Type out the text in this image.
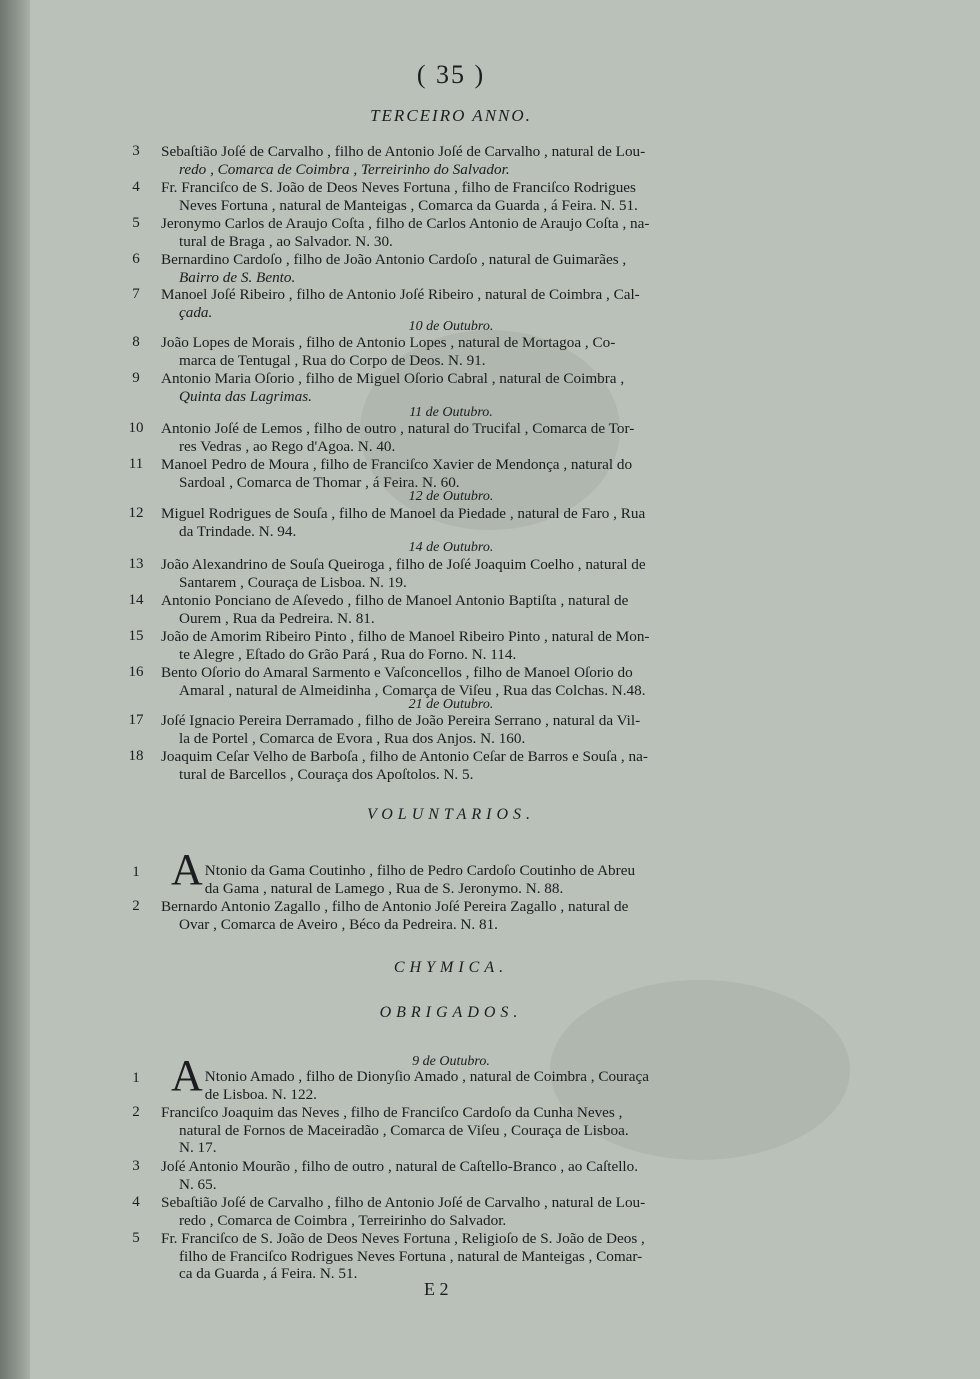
( 35 )
TERCEIRO ANNO.
3	Sebaſtião Joſé de Carvalho , filho de Antonio Joſé de Carvalho , natural de Lou-
redo , Comarca de Coimbra , Terreirinho do Salvador.
4	Fr. Franciſco de S. João de Deos Neves Fortuna , filho de Franciſco Rodrigues
Neves Fortuna , natural de Manteigas , Comarca da Guarda , á Feira. N. 51.
5	Jeronymo Carlos de Araujo Coſta , filho de Carlos Antonio de Araujo Coſta , na-
tural de Braga , ao Salvador. N. 30.
6	Bernardino Cardoſo , filho de João Antonio Cardoſo , natural de Guimarães ,
Bairro de S. Bento.
7	Manoel Joſé Ribeiro , filho de Antonio Joſé Ribeiro , natural de Coimbra , Cal-
çada.
10 de Outubro.
8	João Lopes de Morais , filho de Antonio Lopes , natural de Mortagoa , Co-
marca de Tentugal , Rua do Corpo de Deos. N. 91.
9	Antonio Maria Oſorio , filho de Miguel Oſorio Cabral , natural de Coimbra ,
Quinta das Lagrimas.
11 de Outubro.
10	Antonio Joſé de Lemos , filho de outro , natural do Trucifal , Comarca de Tor-
res Vedras , ao Rego d'Agoa. N. 40.
11	Manoel Pedro de Moura , filho de Franciſco Xavier de Mendonça , natural do
Sardoal , Comarca de Thomar , á Feira. N. 60.
12 de Outubro.
12	Miguel Rodrigues de Souſa , filho de Manoel da Piedade , natural de Faro , Rua
da Trindade. N. 94.
14 de Outubro.
13	João Alexandrino de Souſa Queiroga , filho de Joſé Joaquim Coelho , natural de
Santarem , Couraça de Lisboa. N. 19.
14	Antonio Ponciano de Aſevedo , filho de Manoel Antonio Baptiſta , natural de
Ourem , Rua da Pedreira. N. 81.
15	João de Amorim Ribeiro Pinto , filho de Manoel Ribeiro Pinto , natural de Mon-
te Alegre , Eſtado do Grão Pará , Rua do Forno. N. 114.
16	Bento Oſorio do Amaral Sarmento e Vaſconcellos , filho de Manoel Oſorio do
Amaral , natural de Almeidinha , Comarça de Viſeu , Rua das Colchas. N.48.
21 de Outubro.
17	Joſé Ignacio Pereira Derramado , filho de João Pereira Serrano , natural da Vil-
la de Portel , Comarca de Evora , Rua dos Anjos. N. 160.
18	Joaquim Ceſar Velho de Barboſa , filho de Antonio Ceſar de Barros e Souſa , na-
tural de Barcellos , Couraça dos Apoſtolos. N. 5.
VOLUNTARIOS.
1 A Ntonio da Gama Coutinho , filho de Pedro Cardoſo Coutinho de Abreu
da Gama , natural de Lamego , Rua de S. Jeronymo. N. 88.
2	Bernardo Antonio Zagallo , filho de Antonio Joſé Pereira Zagallo , natural de
Ovar , Comarca de Aveiro , Béco da Pedreira. N. 81.
CHYMICA.
OBRIGADOS.
9 de Outubro.
1 A Ntonio Amado , filho de Dionyſio Amado , natural de Coimbra , Couraça
de Lisboa. N. 122.
2	Franciſco Joaquim das Neves , filho de Franciſco Cardoſo da Cunha Neves ,
natural de Fornos de Maceiradão , Comarca de Viſeu , Couraça de Lisboa.
N. 17.
3	Joſé Antonio Mourão , filho de outro , natural de Caſtello-Branco , ao Caſtello.
N. 65.
4	Sebaſtião Joſé de Carvalho , filho de Antonio Joſé de Carvalho , natural de Lou-
redo , Comarca de Coimbra , Terreirinho do Salvador.
5	Fr. Franciſco de S. João de Deos Neves Fortuna , Religioſo de S. João de Deos ,
filho de Franciſco Rodrigues Neves Fortuna , natural de Manteigas , Comar-
ca da Guarda , á Feira. N. 51.
E 2
